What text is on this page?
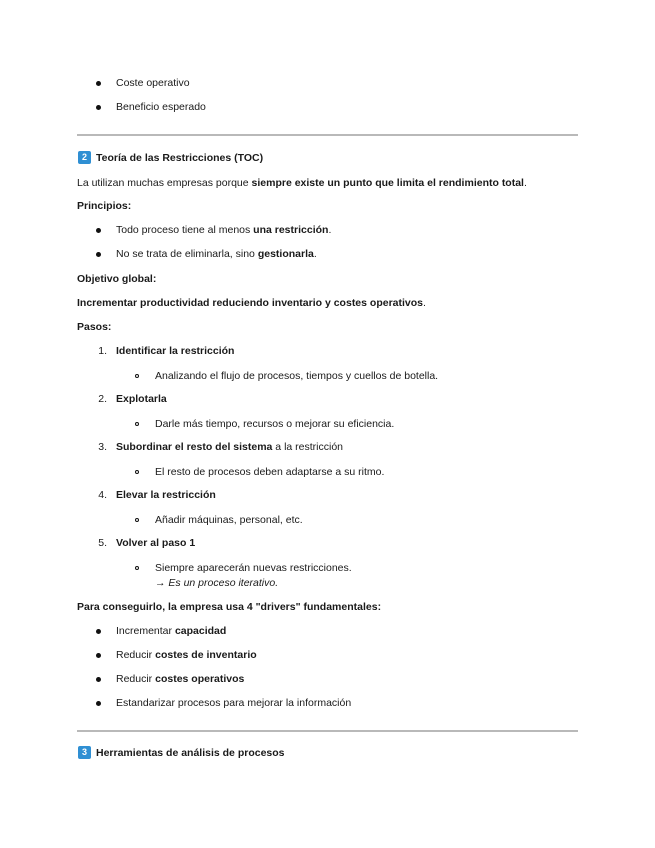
Coste operativo
Beneficio esperado
2 Teoría de las Restricciones (TOC)
La utilizan muchas empresas porque siempre existe un punto que limita el rendimiento total.
Principios:
Todo proceso tiene al menos una restricción.
No se trata de eliminarla, sino gestionarla.
Objetivo global:
Incrementar productividad reduciendo inventario y costes operativos.
Pasos:
1. Identificar la restricción
Analizando el flujo de procesos, tiempos y cuellos de botella.
2. Explotarla
Darle más tiempo, recursos o mejorar su eficiencia.
3. Subordinar el resto del sistema a la restricción
El resto de procesos deben adaptarse a su ritmo.
4. Elevar la restricción
Añadir máquinas, personal, etc.
5. Volver al paso 1
Siempre aparecerán nuevas restricciones.
→ Es un proceso iterativo.
Para conseguirlo, la empresa usa 4 "drivers" fundamentales:
Incrementar capacidad
Reducir costes de inventario
Reducir costes operativos
Estandarizar procesos para mejorar la información
3 Herramientas de análisis de procesos
